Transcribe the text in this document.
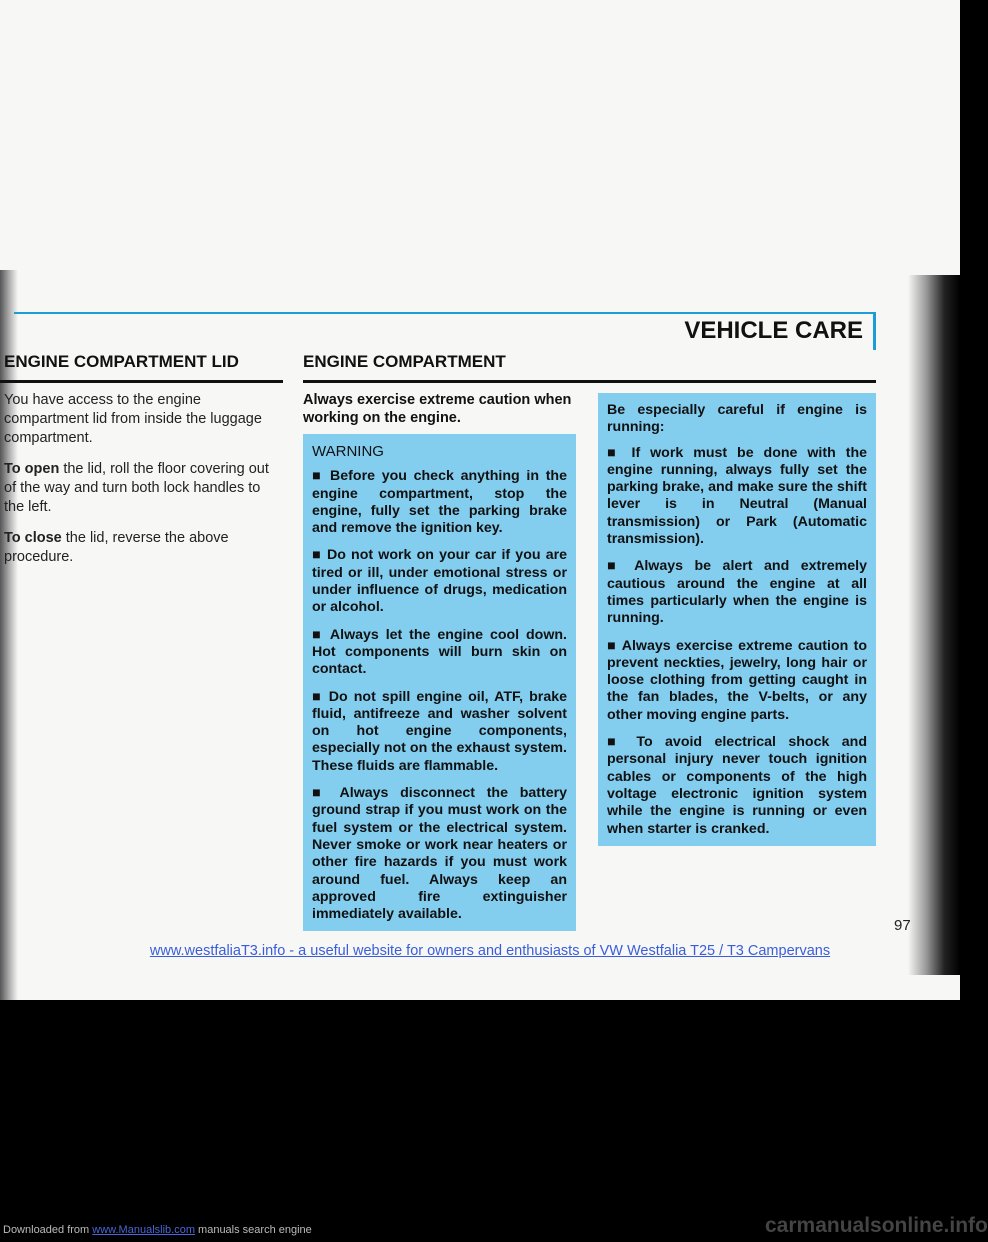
VEHICLE CARE
ENGINE COMPARTMENT LID	ENGINE COMPARTMENT

You have access to the engine compartment lid from inside the luggage compartment.

To open the lid, roll the floor covering out of the way and turn both lock handles to the left.

To close the lid, reverse the above procedure.

Always exercise extreme caution when working on the engine.

WARNING

■ Before you check anything in the engine compartment, stop the engine, fully set the parking brake and remove the ignition key.

■ Do not work on your car if you are tired or ill, under emotional stress or under influence of drugs, medication or alcohol.

■ Always let the engine cool down. Hot components will burn skin on contact.

■ Do not spill engine oil, ATF, brake fluid, antifreeze and washer solvent on hot engine components, especially not on the exhaust system. These fluids are flammable.

■ Always disconnect the battery ground strap if you must work on the fuel system or the electrical system. Never smoke or work near heaters or other fire hazards if you must work around fuel. Always keep an approved fire extinguisher immediately available.

Be especially careful if engine is running:

■ If work must be done with the engine running, always fully set the parking brake, and make sure the shift lever is in Neutral (Manual transmission) or Park (Automatic transmission).

■ Always be alert and extremely cautious around the engine at all times particularly when the engine is running.

■ Always exercise extreme caution to prevent neckties, jewelry, long hair or loose clothing from getting caught in the fan blades, the V-belts, or any other moving engine parts.

■ To avoid electrical shock and personal injury never touch ignition cables or components of the high voltage electronic ignition system while the engine is running or even when starter is cranked.

97
www.westfaliaT3.info - a useful website for owners and enthusiasts of VW Westfalia T25 / T3 Campervans
Downloaded from www.Manualslib.com manuals search engine	carmanualsonline.info
